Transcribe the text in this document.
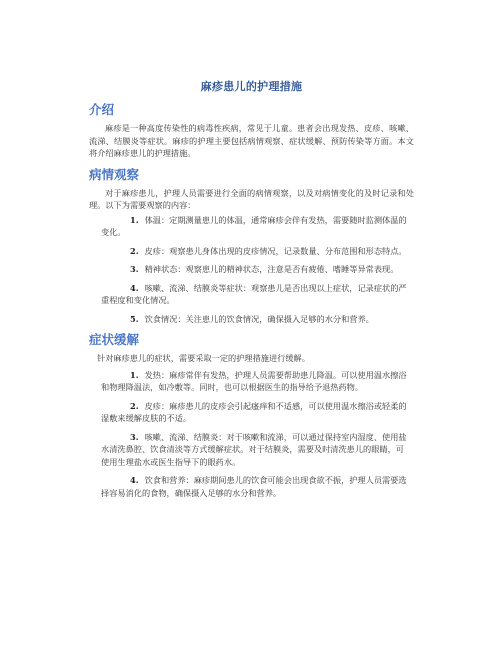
麻疹患儿的护理措施
介绍

麻疹是一种高度传染性的病毒性疾病，常见于儿童。患者会出现发热、皮疹、咳嗽、流涕、结膜炎等症状。麻疹的护理主要包括病情观察、症状缓解、预防传染等方面。本文将介绍麻疹患儿的护理措施。

病情观察

对于麻疹患儿，护理人员需要进行全面的病情观察，以及对病情变化的及时记录和处理。以下为需要观察的内容：

1. 体温：定期测量患儿的体温，通常麻疹会伴有发热，需要随时监测体温的变化。

2. 皮疹：观察患儿身体出现的皮疹情况，记录数量、分布范围和形态特点。

3. 精神状态：观察患儿的精神状态，注意是否有疲倦、嗜睡等异常表现。

4. 咳嗽、流涕、结膜炎等症状：观察患儿是否出现以上症状，记录症状的严重程度和变化情况。

5. 饮食情况：关注患儿的饮食情况，确保摄入足够的水分和营养。

症状缓解

针对麻疹患儿的症状，需要采取一定的护理措施进行缓解。

1. 发热：麻疹常伴有发热，护理人员需要帮助患儿降温。可以使用温水擦浴和物理降温法，如冷敷等。同时，也可以根据医生的指导给予退热药物。

2. 皮疹：麻疹患儿的皮疹会引起瘙痒和不适感，可以使用温水擦浴或轻柔的湿敷来缓解皮肤的不适。

3. 咳嗽、流涕、结膜炎：对于咳嗽和流涕，可以通过保持室内湿度、使用盐水清洗鼻腔、饮食清淡等方式缓解症状。对于结膜炎，需要及时清洗患儿的眼睛，可使用生理盐水或医生指导下的眼药水。

4. 饮食和营养：麻疹期间患儿的饮食可能会出现食欲不振，护理人员需要选择容易消化的食物，确保摄入足够的水分和营养。
